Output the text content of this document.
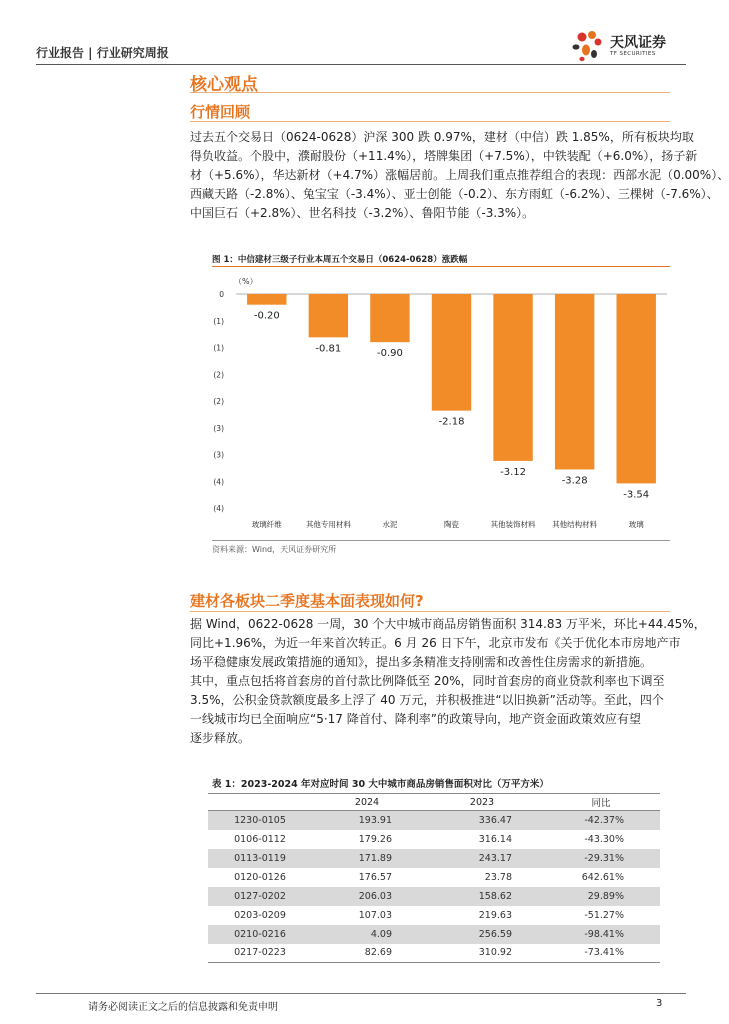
行业报告 | 行业研究周报
天风证券
TF SECURITIES
核心观点
行情回顾
过去五个交易日（0624-0628）沪深 300 跌 0.97%，建材（中信）跌 1.85%，所有板块均取
得负收益。个股中，濮耐股份（+11.4%），塔牌集团（+7.5%），中铁装配（+6.0%），扬子新
材（+5.6%），华达新材（+4.7%）涨幅居前。上周我们重点推荐组合的表现：西部水泥（0.00%）、
西藏天路（-2.8%）、兔宝宝（-3.4%）、亚士创能（-0.2）、东方雨虹（-6.2%）、三棵树（-7.6%）、
中国巨石（+2.8%）、世名科技（-3.2%）、鲁阳节能（-3.3%）。
图 1：中信建材三级子行业本周五个交易日（0624-0628）涨跌幅
（%）
0
(1)
(1)
(2)
(2)
(3)
(3)
(4)
(4)
-0.20
玻璃纤维
-0.81
其他专用材料
-0.90
水泥
-2.18
陶瓷
-3.12
其他装饰材料
-3.28
其他结构材料
-3.54
玻璃
资料来源：Wind，天风证券研究所
建材各板块二季度基本面表现如何?
据 Wind，0622-0628 一周，30 个大中城市商品房销售面积 314.83 万平米，环比+44.45%，
同比+1.96%，为近一年来首次转正。6 月 26 日下午，北京市发布《关于优化本市房地产市
场平稳健康发展政策措施的通知》，提出多条精准支持刚需和改善性住房需求的新措施。
其中，重点包括将首套房的首付款比例降低至 20%，同时首套房的商业贷款利率也下调至
3.5%，公积金贷款额度最多上浮了 40 万元，并积极推进“以旧换新”活动等。至此，四个
一线城市均已全面响应“5·17 降首付、降利率”的政策导向，地产资金面政策效应有望
逐步释放。
表 1：2023-2024 年对应时间 30 大中城市商品房销售面积对比（万平方米）
	2024	2023	同比
1230-0105	193.91	336.47	-42.37%
0106-0112	179.26	316.14	-43.30%
0113-0119	171.89	243.17	-29.31%
0120-0126	176.57	23.78	642.61%
0127-0202	206.03	158.62	29.89%
0203-0209	107.03	219.63	-51.27%
0210-0216	4.09	256.59	-98.41%
0217-0223	82.69	310.92	-73.41%
请务必阅读正文之后的信息披露和免责申明	3
